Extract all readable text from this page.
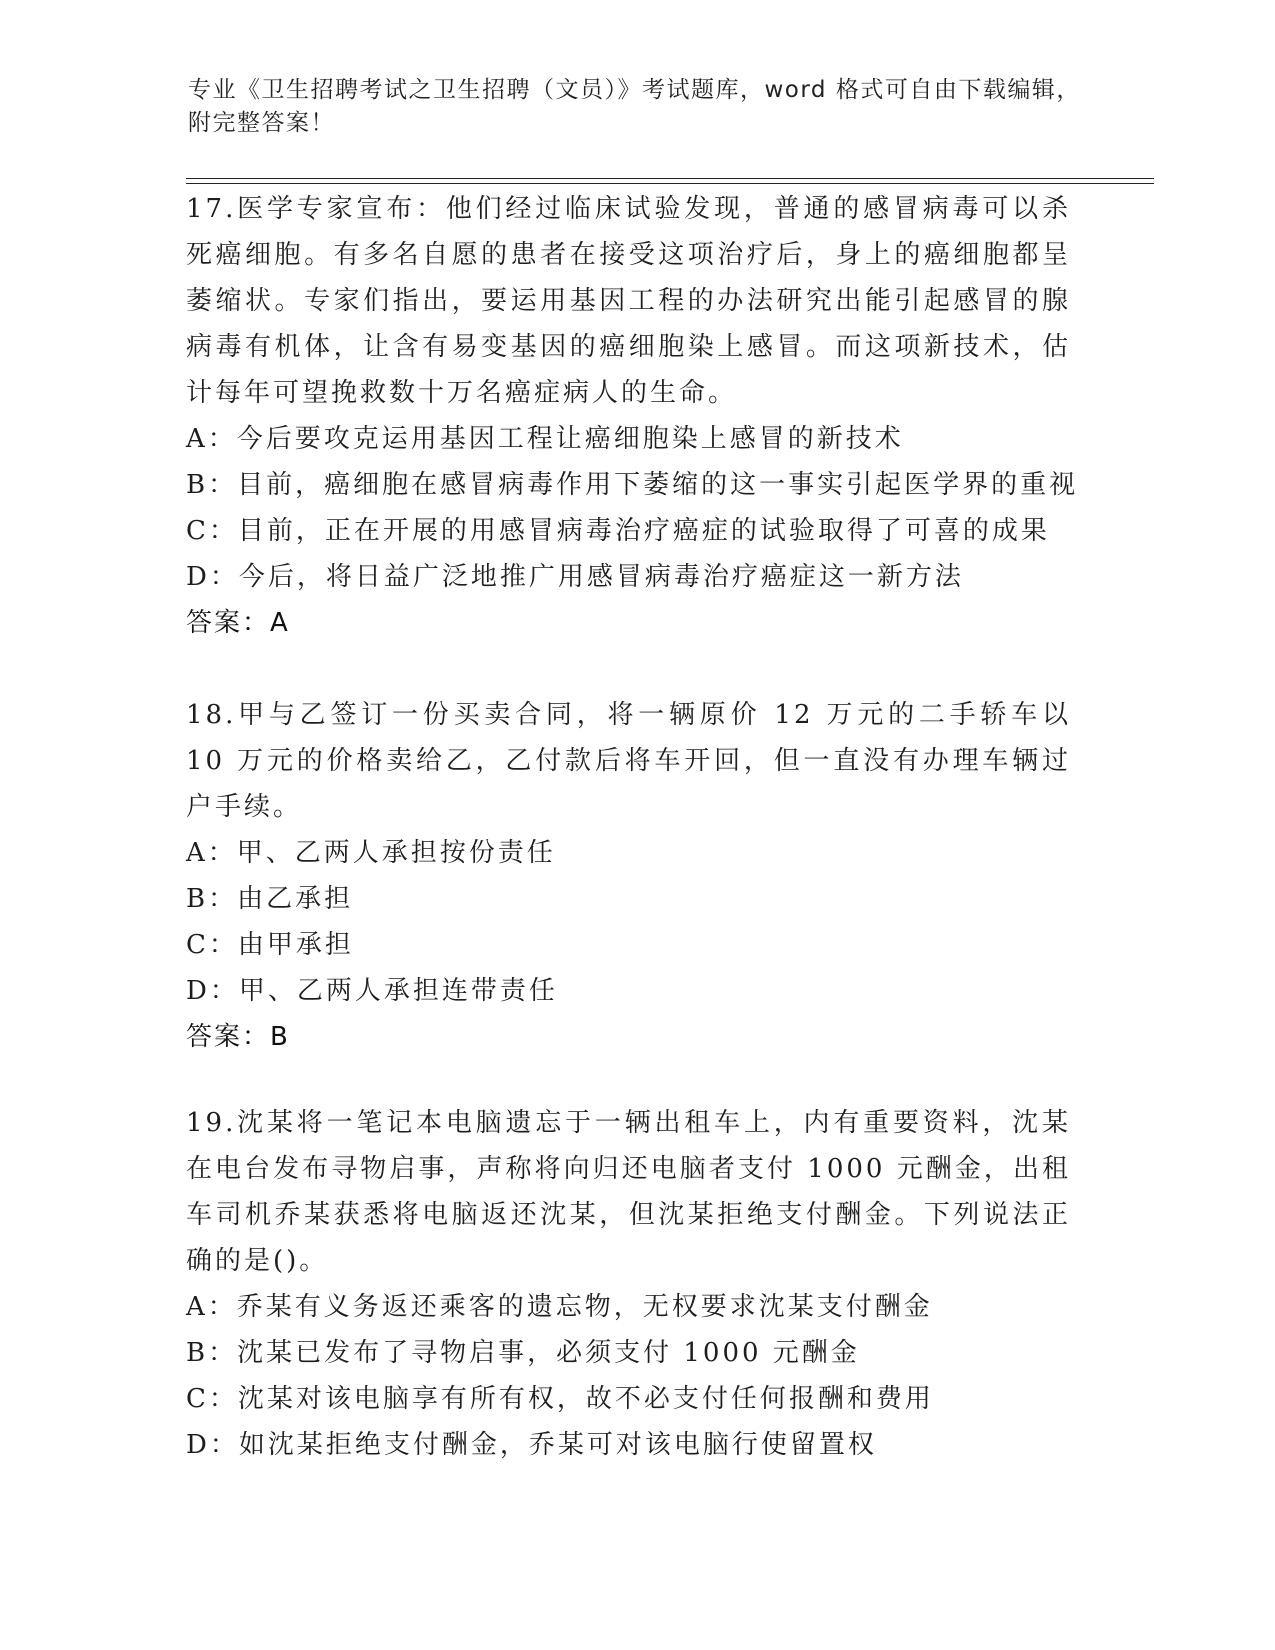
专业《卫生招聘考试之卫生招聘（文员）》考试题库，word 格式可自由下载编辑，附完整答案！

17.医学专家宣布：他们经过临床试验发现，普通的感冒病毒可以杀死癌细胞。有多名自愿的患者在接受这项治疗后，身上的癌细胞都呈萎缩状。专家们指出，要运用基因工程的办法研究出能引起感冒的腺病毒有机体，让含有易变基因的癌细胞染上感冒。而这项新技术，估计每年可望挽救数十万名癌症病人的生命。

A：今后要攻克运用基因工程让癌细胞染上感冒的新技术

B：目前，癌细胞在感冒病毒作用下萎缩的这一事实引起医学界的重视

C：目前，正在开展的用感冒病毒治疗癌症的试验取得了可喜的成果

D：今后，将日益广泛地推广用感冒病毒治疗癌症这一新方法

答案：A

18.甲与乙签订一份买卖合同，将一辆原价 12 万元的二手轿车以 10 万元的价格卖给乙，乙付款后将车开回，但一直没有办理车辆过户手续。

A：甲、乙两人承担按份责任

B：由乙承担

C：由甲承担

D：甲、乙两人承担连带责任

答案：B

19.沈某将一笔记本电脑遗忘于一辆出租车上，内有重要资料，沈某在电台发布寻物启事，声称将向归还电脑者支付 1000 元酬金，出租车司机乔某获悉将电脑返还沈某，但沈某拒绝支付酬金。下列说法正确的是()。

A：乔某有义务返还乘客的遗忘物，无权要求沈某支付酬金

B：沈某已发布了寻物启事，必须支付 1000 元酬金

C：沈某对该电脑享有所有权，故不必支付任何报酬和费用

D：如沈某拒绝支付酬金，乔某可对该电脑行使留置权
